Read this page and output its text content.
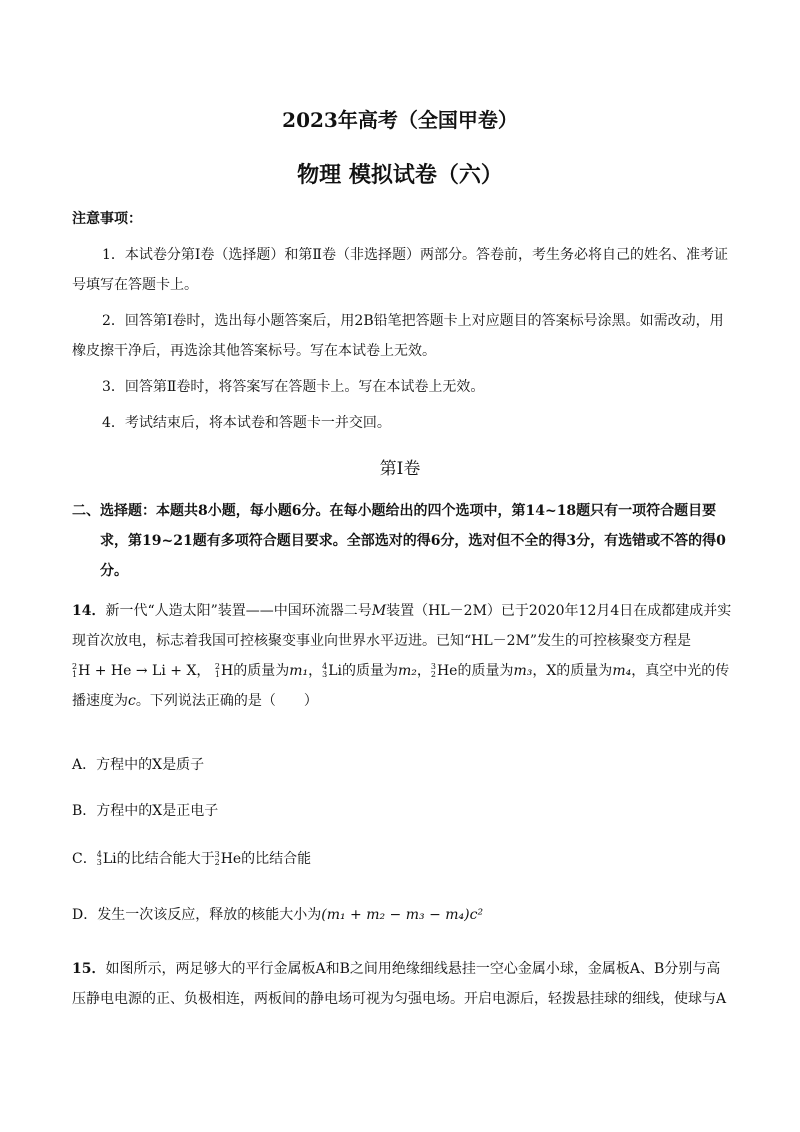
2023年高考（全国甲卷）
物理 模拟试卷（六）
注意事项：

1．本试卷分第Ⅰ卷（选择题）和第Ⅱ卷（非选择题）两部分。答卷前，考生务必将自己的姓名、准考证号填写在答题卡上。

2．回答第Ⅰ卷时，选出每小题答案后，用2B铅笔把答题卡上对应题目的答案标号涂黑。如需改动，用橡皮擦干净后，再选涂其他答案标号。写在本试卷上无效。

3．回答第Ⅱ卷时，将答案写在答题卡上。写在本试卷上无效。

4．考试结束后，将本试卷和答题卡一并交回。

第Ⅰ卷
二、选择题：本题共8小题，每小题6分。在每小题给出的四个选项中，第14~18题只有一项符合题目要
求，第19~21题有多项符合题目要求。全部选对的得6分，选对但不全的得3分，有选错或不答的得0
分。
14．新一代“人造太阳”装置——中国环流器二号M装置（HL－2M）已于2020年12月4日在成都建成并实
现首次放电，标志着我国可控核聚变事业向世界水平迈进。已知“HL－2M”发生的可控核聚变方程是
2
1 H + He → Li + X， 2
1 H的质量为m₁， 4
3 Li的质量为m₂， 3
2 He的质量为m₃，X的质量为m₄，真空中光的传
播速度为c。下列说法正确的是（　　）
A．方程中的X是质子
B．方程中的X是正电子
C． 4
3 Li的比结合能大于 3
2 He的比结合能
D．发生一次该反应，释放的核能大小为(m₁ + m₂ − m₃ − m₄)c²
15．如图所示，两足够大的平行金属板A和B之间用绝缘细线悬挂一空心金属小球，金属板A、B分别与高
压静电电源的正、负极相连，两板间的静电场可视为匀强电场。开启电源后，轻拨悬挂球的细线，使球与A
